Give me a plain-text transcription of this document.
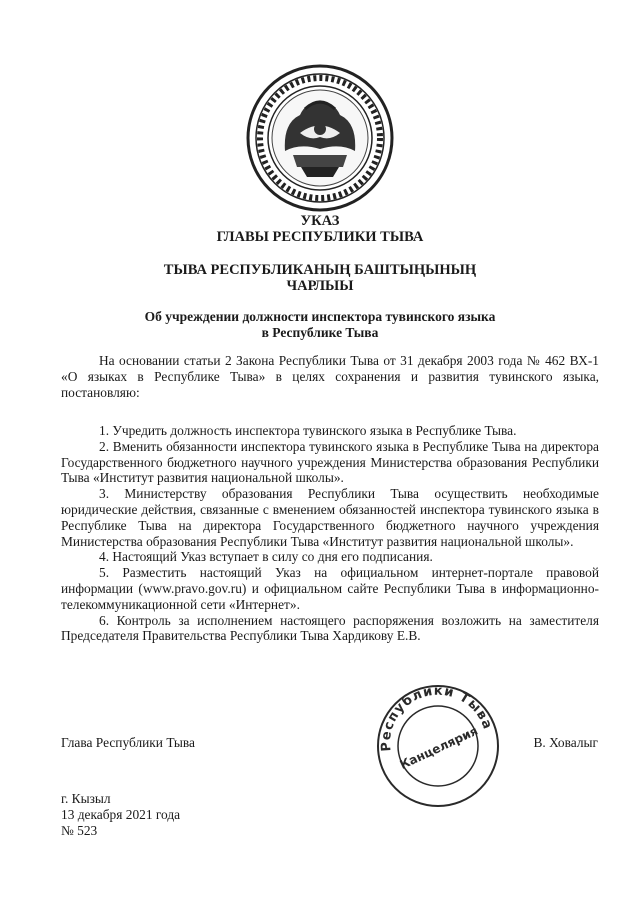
УКАЗ
ГЛАВЫ РЕСПУБЛИКИ ТЫВА
ТЫВА РЕСПУБЛИКАНЫҢ БАШТЫҢЫНЫҢ
ЧАРЛЫЫ
Об учреждении должности инспектора тувинского языка
в Республике Тыва
На основании статьи 2 Закона Республики Тыва от 31 декабря 2003 года № 462 ВХ-1 «О языках в Республике Тыва» в целях сохранения и развития тувинского языка, постановляю:

1. Учредить должность инспектора тувинского языка в Республике Тыва.

2. Вменить обязанности инспектора тувинского языка в Республике Тыва на директора Государственного бюджетного научного учреждения Министерства образования Республики Тыва «Институт развития национальной школы».

3. Министерству образования Республики Тыва осуществить необходимые юридические действия, связанные с вменением обязанностей инспектора тувинского языка в Республике Тыва на директора Государственного бюджетного научного учреждения Министерства образования Республики Тыва «Институт развития национальной школы».

4. Настоящий Указ вступает в силу со дня его подписания.

5. Разместить настоящий Указ на официальном интернет-портале правовой информации (www.pravo.gov.ru) и официальном сайте Республики Тыва в информационно-телекоммуникационной сети «Интернет».

6. Контроль за исполнением настоящего распоряжения возложить на заместителя Председателя Правительства Республики Тыва Хардикову Е.В.

Республики Тыва
Канцелярия
Глава Республики Тыва	В. Ховалыг
г. Кызыл
13 декабря 2021 года
№ 523
